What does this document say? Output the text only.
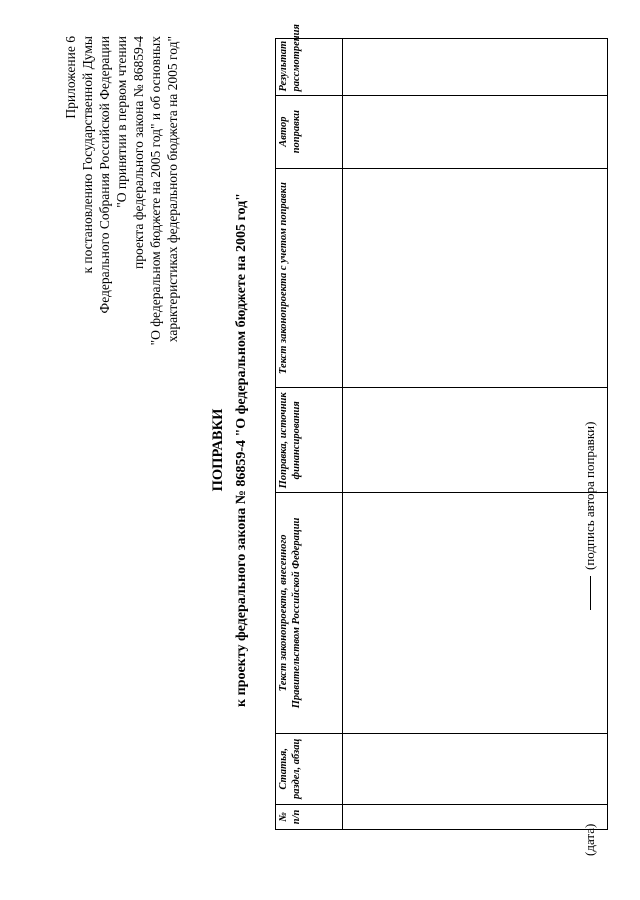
Приложение 6 к постановлению Государственной Думы Федерального Собрания Российской Федерации "О принятии в первом чтении проекта федерального закона № 86859-4 "О федеральном бюджете на 2005 год" и об основных характеристиках федерального бюджета на 2005 год"
ПОПРАВКИ к проекту федерального закона № 86859-4 "О федеральном бюджете на 2005 год"
№ п/п	Статья, раздел, абзац	Текст законопроекта, внесенного Правительством Российской Федерации	Поправка, источник финансирования	Текст законопроекта с учетом поправки	Автор поправки	Результат рассмотрения

(дата)
(подпись автора поправки)
